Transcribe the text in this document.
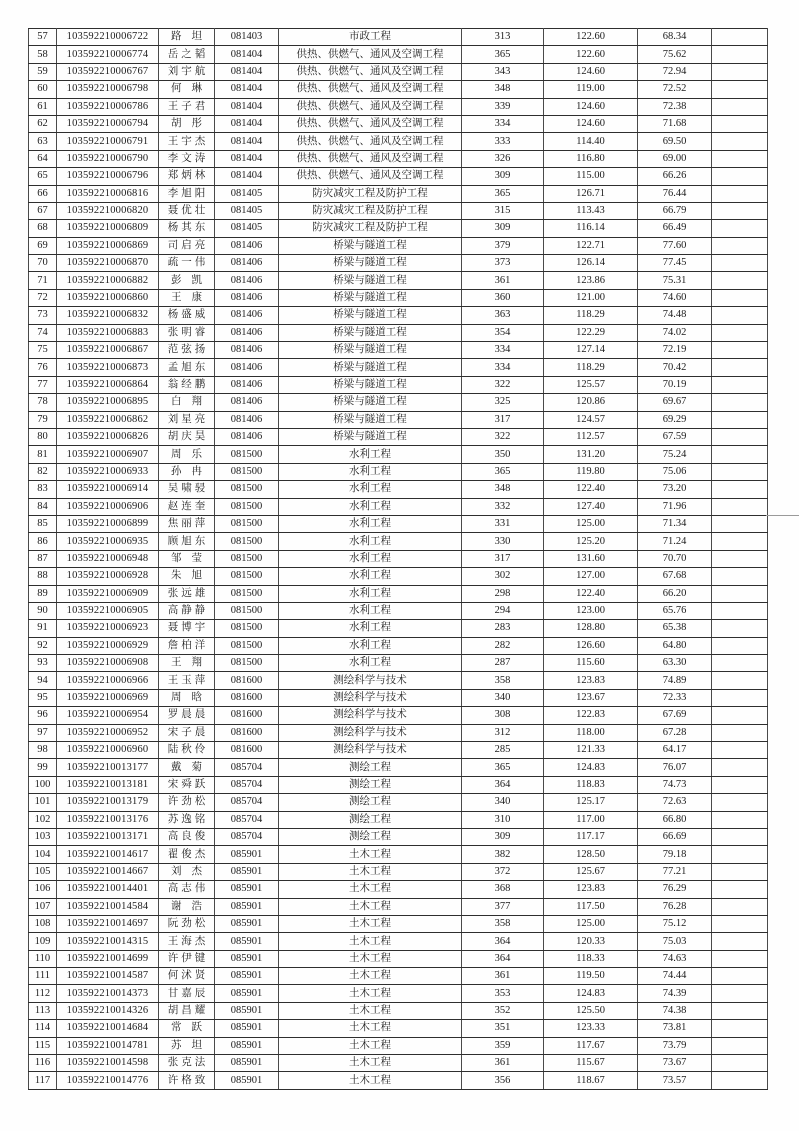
57	103592210006722	路坦	081403	市政工程	313	122.60	68.34	
58	103592210006774	岳之韬	081404	供热、供燃气、通风及空调工程	365	122.60	75.62	
59	103592210006767	刘宇航	081404	供热、供燃气、通风及空调工程	343	124.60	72.94	
60	103592210006798	何琳	081404	供热、供燃气、通风及空调工程	348	119.00	72.52	
61	103592210006786	王子君	081404	供热、供燃气、通风及空调工程	339	124.60	72.38	
62	103592210006794	胡彤	081404	供热、供燃气、通风及空调工程	334	124.60	71.68	
63	103592210006791	王宇杰	081404	供热、供燃气、通风及空调工程	333	114.40	69.50	
64	103592210006790	李文涛	081404	供热、供燃气、通风及空调工程	326	116.80	69.00	
65	103592210006796	郑炳林	081404	供热、供燃气、通风及空调工程	309	115.00	66.26	
66	103592210006816	李旭阳	081405	防灾减灾工程及防护工程	365	126.71	76.44	
67	103592210006820	聂优壮	081405	防灾减灾工程及防护工程	315	113.43	66.79	
68	103592210006809	杨其东	081405	防灾减灾工程及防护工程	309	116.14	66.49	
69	103592210006869	司启亮	081406	桥梁与隧道工程	379	122.71	77.60	
70	103592210006870	疏一伟	081406	桥梁与隧道工程	373	126.14	77.45	
71	103592210006882	彭凯	081406	桥梁与隧道工程	361	123.86	75.31	
72	103592210006860	王康	081406	桥梁与隧道工程	360	121.00	74.60	
73	103592210006832	杨盛威	081406	桥梁与隧道工程	363	118.29	74.48	
74	103592210006883	张明睿	081406	桥梁与隧道工程	354	122.29	74.02	
75	103592210006867	范弦扬	081406	桥梁与隧道工程	334	127.14	72.19	
76	103592210006873	孟旭东	081406	桥梁与隧道工程	334	118.29	70.42	
77	103592210006864	翁经鹏	081406	桥梁与隧道工程	322	125.57	70.19	
78	103592210006895	白翔	081406	桥梁与隧道工程	325	120.86	69.67	
79	103592210006862	刘星亮	081406	桥梁与隧道工程	317	124.57	69.29	
80	103592210006826	胡庆昊	081406	桥梁与隧道工程	322	112.57	67.59	
81	103592210006907	周乐	081500	水利工程	350	131.20	75.24	
82	103592210006933	孙冉	081500	水利工程	365	119.80	75.06	
83	103592210006914	吴啸骎	081500	水利工程	348	122.40	73.20	
84	103592210006906	赵连奎	081500	水利工程	332	127.40	71.96	
85	103592210006899	焦丽萍	081500	水利工程	331	125.00	71.34	
86	103592210006935	顾旭东	081500	水利工程	330	125.20	71.24	
87	103592210006948	邹莹	081500	水利工程	317	131.60	70.70	
88	103592210006928	朱旭	081500	水利工程	302	127.00	67.68	
89	103592210006909	张远雄	081500	水利工程	298	122.40	66.20	
90	103592210006905	高静静	081500	水利工程	294	123.00	65.76	
91	103592210006923	聂博宇	081500	水利工程	283	128.80	65.38	
92	103592210006929	詹柏洋	081500	水利工程	282	126.60	64.80	
93	103592210006908	王翔	081500	水利工程	287	115.60	63.30	
94	103592210006966	王玉萍	081600	测绘科学与技术	358	123.83	74.89	
95	103592210006969	周晗	081600	测绘科学与技术	340	123.67	72.33	
96	103592210006954	罗晨晨	081600	测绘科学与技术	308	122.83	67.69	
97	103592210006952	宋子晨	081600	测绘科学与技术	312	118.00	67.28	
98	103592210006960	陆秋伶	081600	测绘科学与技术	285	121.33	64.17	
99	103592210013177	戴菊	085704	测绘工程	365	124.83	76.07	
100	103592210013181	宋舜跃	085704	测绘工程	364	118.83	74.73	
101	103592210013179	许劲松	085704	测绘工程	340	125.17	72.63	
102	103592210013176	苏逸铭	085704	测绘工程	310	117.00	66.80	
103	103592210013171	高良俊	085704	测绘工程	309	117.17	66.69	
104	103592210014617	翟俊杰	085901	土木工程	382	128.50	79.18	
105	103592210014667	刘杰	085901	土木工程	372	125.67	77.21	
106	103592210014401	高志伟	085901	土木工程	368	123.83	76.29	
107	103592210014584	谢浩	085901	土木工程	377	117.50	76.28	
108	103592210014697	阮劲松	085901	土木工程	358	125.00	75.12	
109	103592210014315	王海杰	085901	土木工程	364	120.33	75.03	
110	103592210014699	许伊键	085901	土木工程	364	118.33	74.63	
111	103592210014587	何沭贤	085901	土木工程	361	119.50	74.44	
112	103592210014373	甘嘉辰	085901	土木工程	353	124.83	74.39	
113	103592210014326	胡昌耀	085901	土木工程	352	125.50	74.38	
114	103592210014684	常跃	085901	土木工程	351	123.33	73.81	
115	103592210014781	苏坦	085901	土木工程	359	117.67	73.79	
116	103592210014598	张克法	085901	土木工程	361	115.67	73.67	
117	103592210014776	许格致	085901	土木工程	356	118.67	73.57	
